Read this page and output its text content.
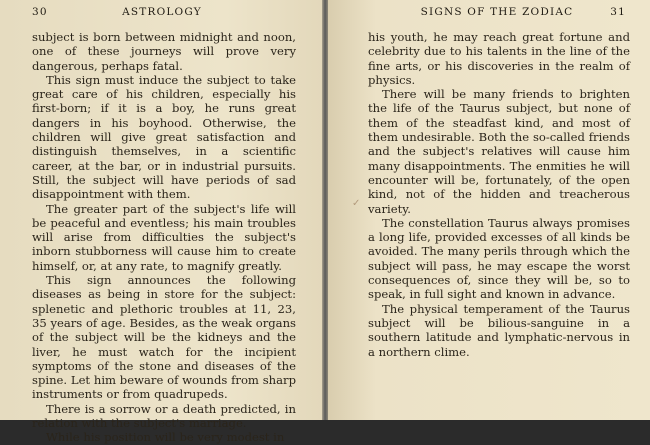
30	ASTROLOGY

subject is born between midnight and noon, one of these journeys will prove very dangerous, perhaps fatal.

This sign must induce the subject to take great care of his children, especially his first-born; if it is a boy, he runs great dangers in his boyhood. Otherwise, the children will give great satisfaction and distinguish themselves, in a scientific career, at the bar, or in industrial pursuits. Still, the subject will have periods of sad disappointment with them.

The greater part of the subject's life will be peaceful and eventless; his main troubles will arise from difficulties the subject's inborn stubborness will cause him to create himself, or, at any rate, to magnify greatly.

This sign announces the following diseases as being in store for the subject: splenetic and plethoric troubles at 11, 23, 35 years of age. Besides, as the weak organs of the subject will be the kidneys and the liver, he must watch for the incipient symptoms of the stone and diseases of the spine. Let him beware of wounds from sharp instruments or from quadrupeds.

There is a sorrow or a death predicted, in relation with the subject's marriage.

While his position will be very modest in

SIGNS OF THE ZODIAC	31

his youth, he may reach great fortune and celebrity due to his talents in the line of the fine arts, or his discoveries in the realm of physics.

There will be many friends to brighten the life of the Taurus subject, but none of them of the steadfast kind, and most of them undesirable. Both the so-called friends and the subject's relatives will cause him many disappointments. The enmities he will encounter will be, fortunately, of the open kind, not of the hidden and treacherous variety.

The constellation Taurus always promises a long life, provided excesses of all kinds be avoided. The many perils through which the subject will pass, he may escape the worst consequences of, since they will be, so to speak, in full sight and known in advance.

The physical temperament of the Taurus subject will be bilious-sanguine in a southern latitude and lymphatic-nervous in a northern clime.

✓
